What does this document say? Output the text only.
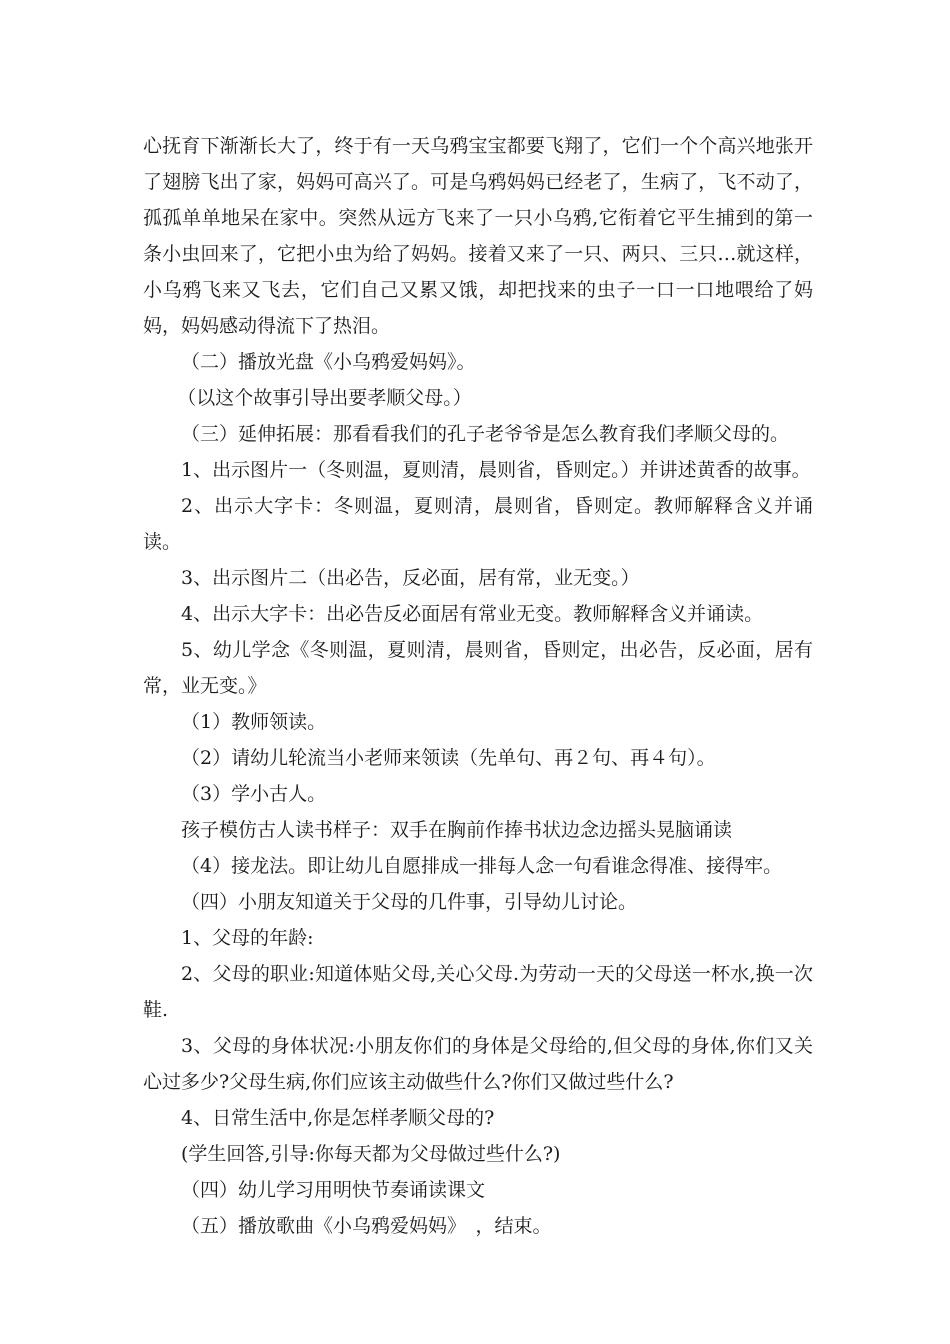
心抚育下渐渐长大了，终于有一天乌鸦宝宝都要飞翔了，它们一个个高兴地张开了翅膀飞出了家，妈妈可高兴了。可是乌鸦妈妈已经老了，生病了，飞不动了，孤孤单单地呆在家中。突然从远方飞来了一只小乌鸦,它衔着它平生捕到的第一条小虫回来了，它把小虫为给了妈妈。接着又来了一只、两只、三只…就这样，小乌鸦飞来又飞去，它们自己又累又饿，却把找来的虫子一口一口地喂给了妈妈，妈妈感动得流下了热泪。

（二）播放光盘《小乌鸦爱妈妈》。

（以这个故事引导出要孝顺父母。）

（三）延伸拓展：那看看我们的孔子老爷爷是怎么教育我们孝顺父母的。

1、出示图片一（冬则温，夏则清，晨则省，昏则定。）并讲述黄香的故事。

2、出示大字卡：冬则温，夏则清，晨则省，昏则定。教师解释含义并诵读。

3、出示图片二（出必告，反必面，居有常，业无变。）

4、出示大字卡：出必告反必面居有常业无变。教师解释含义并诵读。

5、幼儿学念《冬则温，夏则清，晨则省，昏则定，出必告，反必面，居有常，业无变。》

（1）教师领读。

（2）请幼儿轮流当小老师来领读（先单句、再２句、再４句）。

（3）学小古人。

孩子模仿古人读书样子：双手在胸前作捧书状边念边摇头晃脑诵读

（4）接龙法。即让幼儿自愿排成一排每人念一句看谁念得准、接得牢。

（四）小朋友知道关于父母的几件事，引导幼儿讨论。

1、父母的年龄:

2、父母的职业:知道体贴父母,关心父母.为劳动一天的父母送一杯水,换一次鞋.

3、父母的身体状况:小朋友你们的身体是父母给的,但父母的身体,你们又关心过多少?父母生病,你们应该主动做些什么?你们又做过些什么?

4、日常生活中,你是怎样孝顺父母的?

(学生回答,引导:你每天都为父母做过些什么?)

（四）幼儿学习用明快节奏诵读课文

（五）播放歌曲《小乌鸦爱妈妈》　，结束。
